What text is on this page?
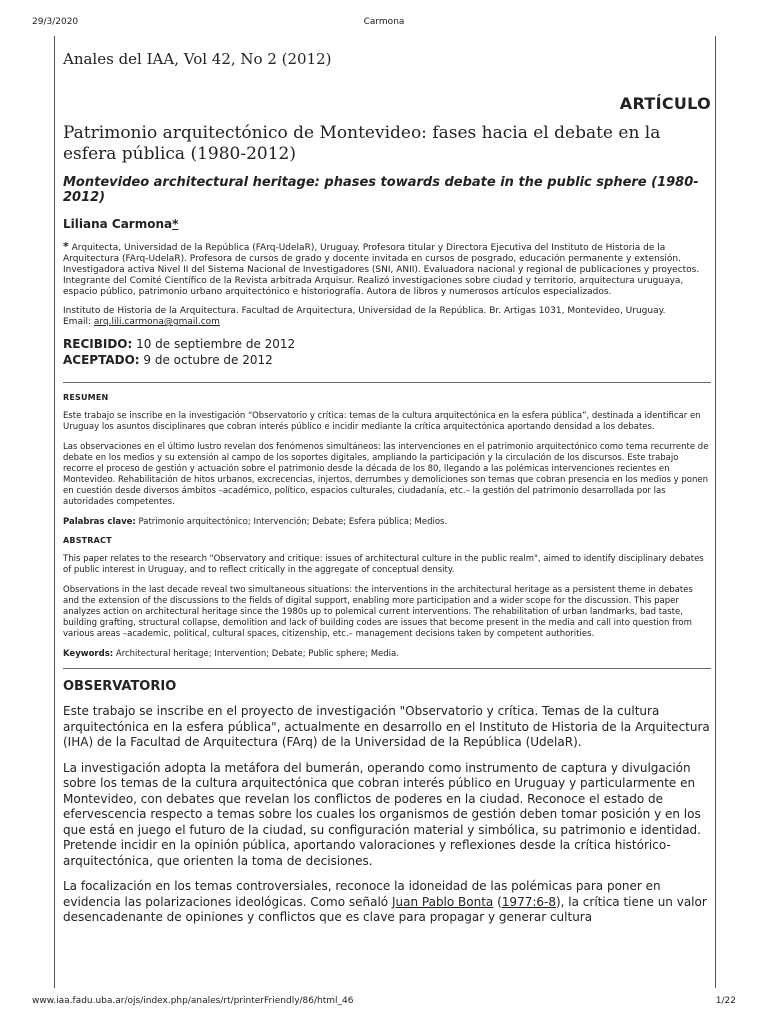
29/3/2020	Carmona
Anales del IAA, Vol 42, No 2 (2012)
ARTÍCULO
Patrimonio arquitectónico de Montevideo: fases hacia el debate en la esfera pública (1980-2012)
Montevideo architectural heritage: phases towards debate in the public sphere (1980-2012)
Liliana Carmona*
* Arquitecta, Universidad de la República (FArq-UdelaR), Uruguay. Profesora titular y Directora Ejecutiva del Instituto de Historia de la Arquitectura (FArq-UdelaR). Profesora de cursos de grado y docente invitada en cursos de posgrado, educación permanente y extensión. Investigadora activa Nivel II del Sistema Nacional de Investigadores (SNI, ANII). Evaluadora nacional y regional de publicaciones y proyectos. Integrante del Comité Científico de la Revista arbitrada Arquisur. Realizó investigaciones sobre ciudad y territorio, arquitectura uruguaya, espacio público, patrimonio urbano arquitectónico e historiografía. Autora de libros y numerosos artículos especializados.
Instituto de Historia de la Arquitectura. Facultad de Arquitectura, Universidad de la República. Br. Artigas 1031, Montevideo, Uruguay.
Email: arq.lili.carmona@gmail.com
RECIBIDO: 10 de septiembre de 2012
ACEPTADO: 9 de octubre de 2012
RESUMEN

Este trabajo se inscribe en la investigación “Observatorio y crítica: temas de la cultura arquitectónica en la esfera pública”, destinada a identificar en Uruguay los asuntos disciplinares que cobran interés público e incidir mediante la crítica arquitectónica aportando densidad a los debates.

Las observaciones en el último lustro revelan dos fenómenos simultáneos: las intervenciones en el patrimonio arquitectónico como tema recurrente de debate en los medios y su extensión al campo de los soportes digitales, ampliando la participación y la circulación de los discursos. Este trabajo recorre el proceso de gestión y actuación sobre el patrimonio desde la década de los 80, llegando a las polémicas intervenciones recientes en Montevideo. Rehabilitación de hitos urbanos, excrecencias, injertos, derrumbes y demoliciones son temas que cobran presencia en los medios y ponen en cuestión desde diversos ámbitos –académico, político, espacios culturales, ciudadanía, etc.– la gestión del patrimonio desarrollada por las autoridades competentes.

Palabras clave: Patrimonio arquitectónico; Intervención; Debate; Esfera pública; Medios.

ABSTRACT

This paper relates to the research "Observatory and critique: issues of architectural culture in the public realm", aimed to identify disciplinary debates of public interest in Uruguay, and to reflect critically in the aggregate of conceptual density.

Observations in the last decade reveal two simultaneous situations: the interventions in the architectural heritage as a persistent theme in debates and the extension of the discussions to the fields of digital support, enabling more participation and a wider scope for the discussion. This paper analyzes action on architectural heritage since the 1980s up to polemical current interventions. The rehabilitation of urban landmarks, bad taste, building grafting, structural collapse, demolition and lack of building codes are issues that become present in the media and call into question from various areas –academic, political, cultural spaces, citizenship, etc.– management decisions taken by competent authorities.

Keywords: Architectural heritage; Intervention; Debate; Public sphere; Media.

OBSERVATORIO

Este trabajo se inscribe en el proyecto de investigación "Observatorio y crítica. Temas de la cultura arquitectónica en la esfera pública", actualmente en desarrollo en el Instituto de Historia de la Arquitectura (IHA) de la Facultad de Arquitectura (FArq) de la Universidad de la República (UdelaR).

La investigación adopta la metáfora del bumerán, operando como instrumento de captura y divulgación sobre los temas de la cultura arquitectónica que cobran interés público en Uruguay y particularmente en Montevideo, con debates que revelan los conflictos de poderes en la ciudad. Reconoce el estado de efervescencia respecto a temas sobre los cuales los organismos de gestión deben tomar posición y en los que está en juego el futuro de la ciudad, su configuración material y simbólica, su patrimonio e identidad. Pretende incidir en la opinión pública, aportando valoraciones y reflexiones desde la crítica histórico-arquitectónica, que orienten la toma de decisiones.

La focalización en los temas controversiales, reconoce la idoneidad de las polémicas para poner en evidencia las polarizaciones ideológicas. Como señaló Juan Pablo Bonta (1977:6-8), la crítica tiene un valor desencadenante de opiniones y conflictos que es clave para propagar y generar cultura

www.iaa.fadu.uba.ar/ojs/index.php/anales/rt/printerFriendly/86/html_46	1/22
